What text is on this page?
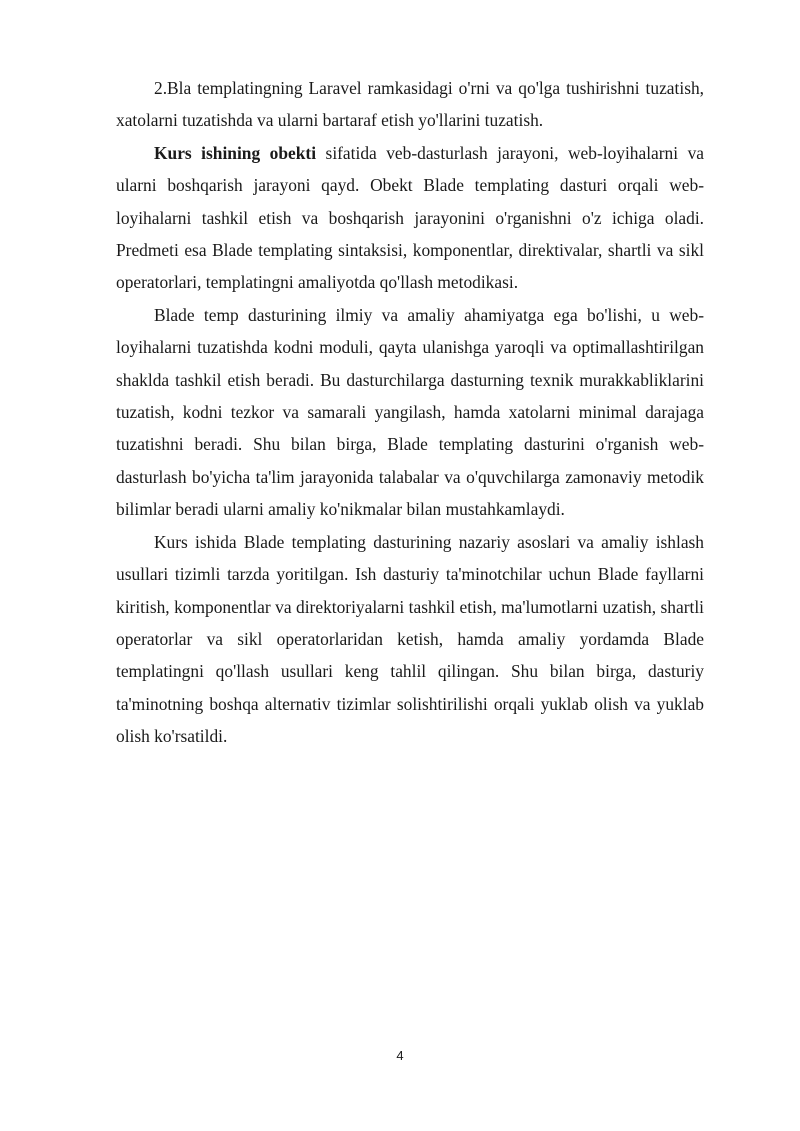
2.Bla templatingning Laravel ramkasidagi o'rni va qo'lga tushirishni tuzatish, xatolarni tuzatishda va ularni bartaraf etish yo'llarini tuzatish.

Kurs ishining obekti sifatida veb-dasturlash jarayoni, web-loyihalarni va ularni boshqarish jarayoni qayd. Obekt Blade templating dasturi orqali web-loyihalarni tashkil etish va boshqarish jarayonini o'rganishni o'z ichiga oladi. Predmeti esa Blade templating sintaksisi, komponentlar, direktivalar, shartli va sikl operatorlari, templatingni amaliyotda qo'llash metodikasi.

Blade temp dasturining ilmiy va amaliy ahamiyatga ega bo'lishi, u web-loyihalarni tuzatishda kodni moduli, qayta ulanishga yaroqli va optimallashtirilgan shaklda tashkil etish beradi. Bu dasturchilarga dasturning texnik murakkabliklarini tuzatish, kodni tezkor va samarali yangilash, hamda xatolarni minimal darajaga tuzatishni beradi. Shu bilan birga, Blade templating dasturini o'rganish web-dasturlash bo'yicha ta'lim jarayonida talabalar va o'quvchilarga zamonaviy metodik bilimlar beradi ularni amaliy ko'nikmalar bilan mustahkamlaydi.

Kurs ishida Blade templating dasturining nazariy asoslari va amaliy ishlash usullari tizimli tarzda yoritilgan. Ish dasturiy ta'minotchilar uchun Blade fayllarni kiritish, komponentlar va direktoriyalarni tashkil etish, ma'lumotlarni uzatish, shartli operatorlar va sikl operatorlaridan ketish, hamda amaliy yordamda Blade templatingni qo'llash usullari keng tahlil qilingan. Shu bilan birga, dasturiy ta'minotning boshqa alternativ tizimlar solishtirilishi orqali yuklab olish va yuklab olish ko'rsatildi.

4
